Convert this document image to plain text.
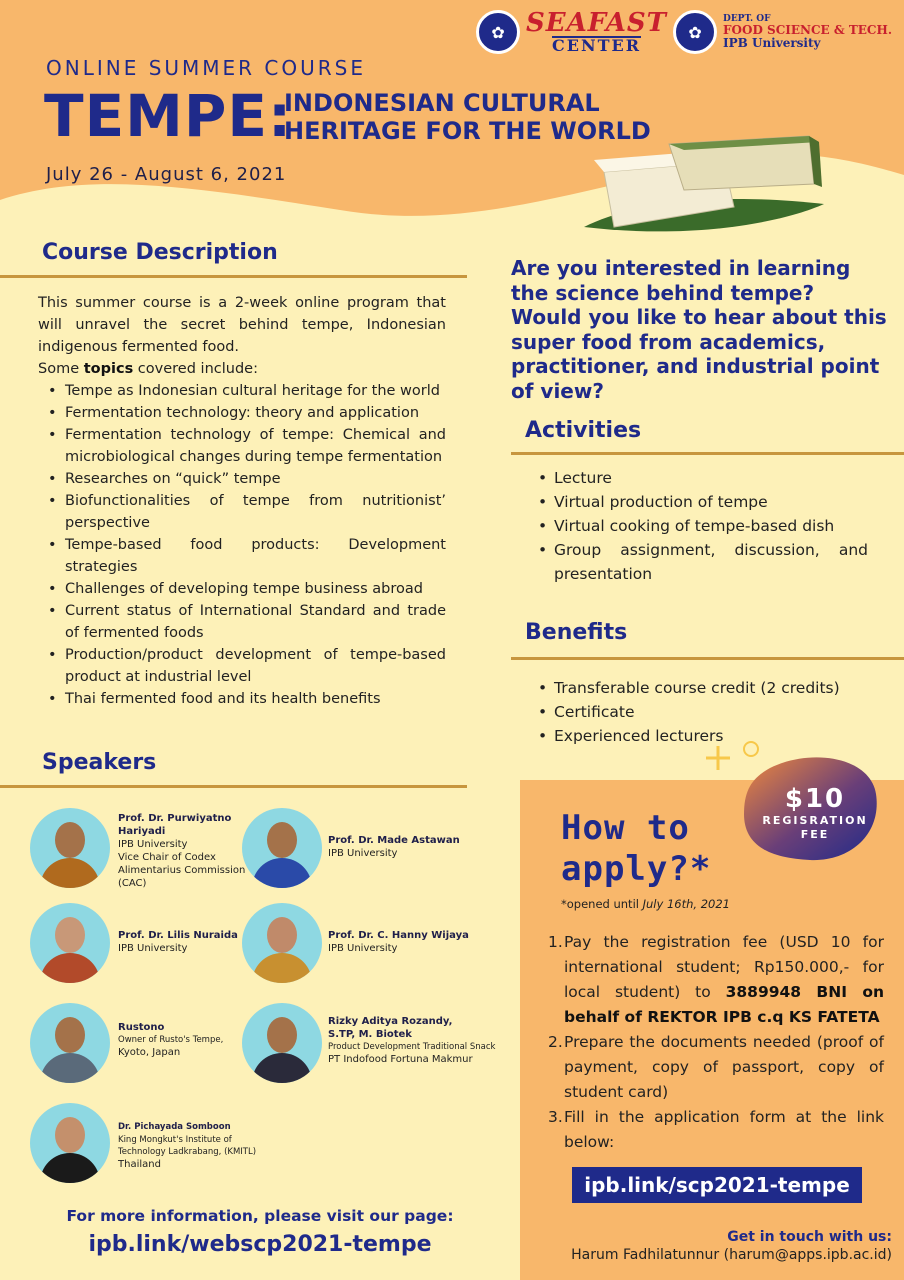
✿ SEAFAST
CENTER
✿
DEPT. OF
FOOD SCIENCE & TECH.
IPB University
ONLINE SUMMER COURSE
TEMPE:
INDONESIAN CULTURAL
HERITAGE FOR THE WORLD
July 26 - August 6, 2021
Course Description
This summer course is a 2-week online program that will unravel the secret behind tempe, Indonesian indigenous fermented food.
Some topics covered include:
• Tempe as Indonesian cultural heritage for the world
• Fermentation technology: theory and application
• Fermentation technology of tempe: Chemical and microbiological changes during tempe fermentation
• Researches on “quick” tempe
• Biofunctionalities of tempe from nutritionist’ perspective
• Tempe-based food products: Development strategies
• Challenges of developing tempe business abroad
• Current status of International Standard and trade of fermented foods
• Production/product development of tempe-based product at industrial level
• Thai fermented food and its health benefits
Speakers
Prof. Dr. Purwiyatno Hariyadi
IPB University
Vice Chair of Codex
Alimentarius Commission
(CAC)
Prof. Dr. Made Astawan
IPB University
Prof. Dr. Lilis Nuraida
IPB University
Prof. Dr. C. Hanny Wijaya
IPB University
Rustono
Owner of Rusto's Tempe,
Kyoto, Japan
Rizky Aditya Rozandy, S.TP, M. Biotek
Product Development Traditional Snack
PT Indofood Fortuna Makmur
Dr. Pichayada Somboon
King Mongkut's Institute of
Technology Ladkrabang, (KMITL)
Thailand
For more information, please visit our page:
ipb.link/webscp2021-tempe
Are you interested in learning the science behind tempe? Would you like to hear about this super food from academics, practitioner, and industrial point of view?
Activities
• Lecture
• Virtual production of tempe
• Virtual cooking of tempe-based dish
• Group assignment, discussion, and presentation
Benefits
• Transferable course credit (2 credits)
• Certificate
• Experienced lecturers
$10
REGISRATION
FEE
How to
apply?*
*opened until July 16th, 2021
1. Pay the registration fee (USD 10 for international student; Rp150.000,- for local student) to 3889948 BNI on behalf of REKTOR IPB c.q KS FATETA
2. Prepare the documents needed (proof of payment, copy of passport, copy of student card)
3. Fill in the application form at the link below:
ipb.link/scp2021-tempe
Get in touch with us:
Harum Fadhilatunnur (harum@apps.ipb.ac.id)
